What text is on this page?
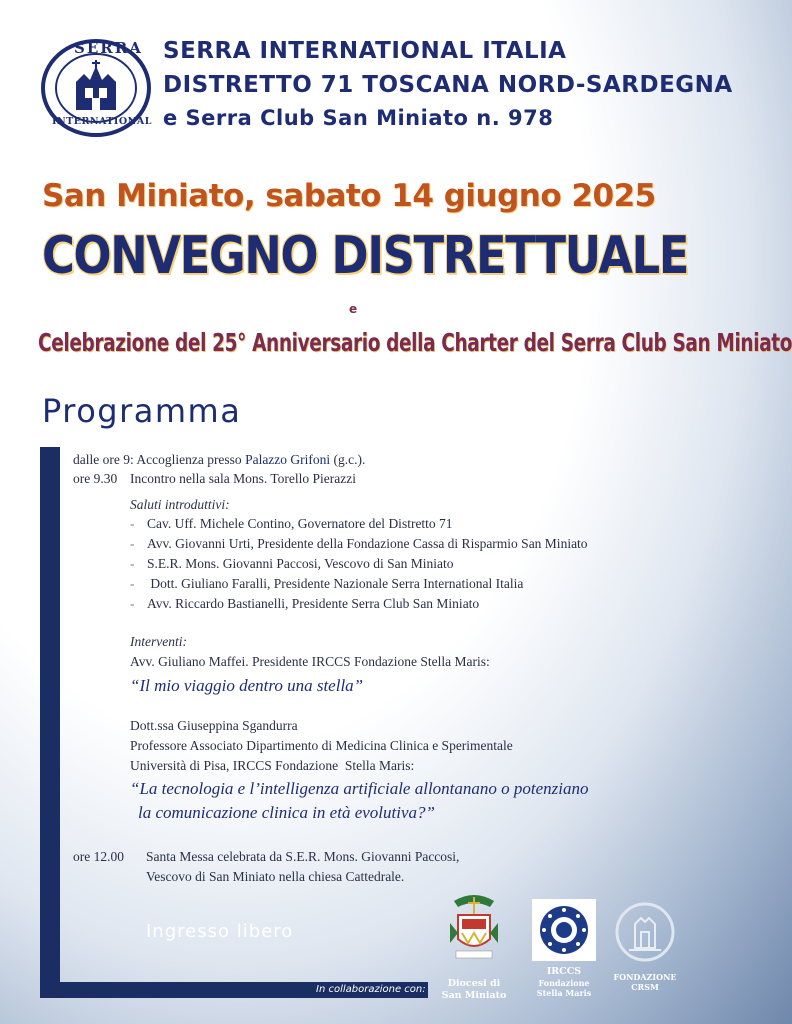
SERRA
INTERNATIONAL
SERRA INTERNATIONAL ITALIA
DISTRETTO 71 TOSCANA NORD-SARDEGNA
e Serra Club San Miniato n. 978
San Miniato, sabato 14 giugno 2025
CONVEGNO DISTRETTUALE
e
Celebrazione del 25° Anniversario della Charter del Serra Club San Miniato
Programma
In collaborazione con:
dalle ore 9: Accoglienza presso Palazzo Grifoni (g.c.).
ore 9.30 Incontro nella sala Mons. Torello Pierazzi
Saluti introduttivi:
- Cav. Uff. Michele Contino, Governatore del Distretto 71
- Avv. Giovanni Urti, Presidente della Fondazione Cassa di Risparmio San Miniato
- S.E.R. Mons. Giovanni Paccosi, Vescovo di San Miniato
- Dott. Giuliano Faralli, Presidente Nazionale Serra International Italia
- Avv. Riccardo Bastianelli, Presidente Serra Club San Miniato
Interventi:
Avv. Giuliano Maffei. Presidente IRCCS Fondazione Stella Maris:
“Il mio viaggio dentro una stella”
Dott.ssa Giuseppina Sgandurra
Professore Associato Dipartimento di Medicina Clinica e Sperimentale
Università di Pisa, IRCCS Fondazione  Stella Maris:
“La tecnologia e l’intelligenza artificiale allontanano o potenziano
la comunicazione clinica in età evolutiva?”
ore 12.00 Santa Messa celebrata da S.E.R. Mons. Giovanni Paccosi,
Vescovo di San Miniato nella chiesa Cattedrale.
Ingresso libero
Diocesi di
San Miniato
IRCCS
Fondazione
Stella Maris
FONDAZIONE
CRSM
